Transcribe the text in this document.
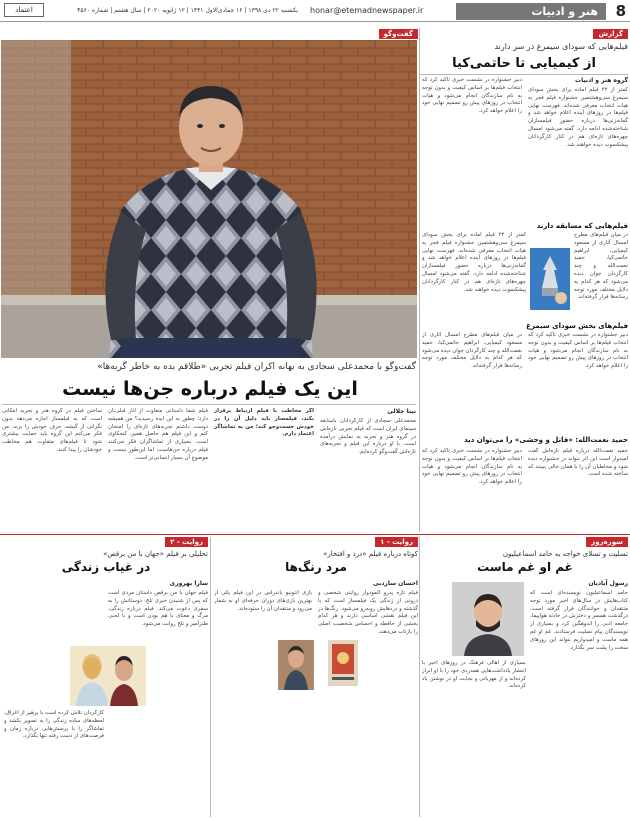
8
هنر و ادبیات
honar@etemadnewspaper.ir
یکشنبه ۲۲ دی ۱۳۹۸ | ۱۶ جمادی‌الاول ۱۴۴۱ | ۱۲ ژانویه ۲۰۲۰ | سال هشتم | شماره ۴۵۶۰
اعتماد
گفت‌وگو
گفت‌وگو با محمدعلی سجادی به بهانه اکران فیلم تجربی «طلاقم بده به خاطر گربه‌ها»
این یک فیلم درباره جن‌ها نیست
نینا جلالی
محمدعلی سجادی از کارگردانان باسابقه سینمای ایران است که فیلم تجربی تازه‌اش در گروه هنر و تجربه به نمایش درآمده است. با او درباره این فیلم و تجربه‌های تازه‌اش گفت‌وگو کرده‌ایم.
اگر مخاطب با فیلم ارتباط برقرار نکند، فیلمساز باید دلیل آن را در خودش جست‌وجو کند؛ من به تماشاگر اعتماد دارم.
فیلم شما داستانی متفاوت از آثار قبلی‌تان دارد؛ چطور به این ایده رسیدید؟ من همیشه دوست داشتم تجربه‌های تازه‌ای را امتحان کنم و این فیلم هم حاصل همین کنجکاوی است. بسیاری از تماشاگران فکر می‌کنند فیلم درباره جن‌هاست، اما این‌طور نیست و موضوع آن بسیار انسانی‌تر است.
ساختن فیلم در گروه هنر و تجربه امکانی است که به فیلمساز اجازه می‌دهد بدون نگرانی از گیشه، حرف خودش را بزند. من فکر می‌کنم این گروه باید حمایت بیشتری شود تا فیلم‌های متفاوت هم مخاطب خودشان را پیدا کنند.
گزارش
فیلم‌هایی که سودای سیمرغ در سر دارند
از کیمیایی تا حاتمی‌کیا
گروه هنر و ادبیات
کمتر از ۲۲ فیلم آماده برای بخش سودای سیمرغ سی‌وهشتمین جشنواره فیلم فجر به هیات انتخاب معرفی شده‌اند. فهرست نهایی فیلم‌ها در روزهای آینده اعلام خواهد شد و گمانه‌زنی‌ها درباره حضور فیلمسازان شناخته‌شده ادامه دارد. گفته می‌شود امسال چهره‌های تازه‌ای هم در کنار کارگردانان پیشکسوت دیده خواهند شد.
دبیر جشنواره در نشست خبری تاکید کرد که انتخاب فیلم‌ها بر اساس کیفیت و بدون توجه به نام سازندگان انجام می‌شود و هیات انتخاب در روزهای پیش رو تصمیم نهایی خود را اعلام خواهد کرد.
فیلم‌هایی که مسابقه دارند
در میان فیلم‌های مطرح امسال آثاری از مسعود کیمیایی، ابراهیم حاتمی‌کیا، حمید نعمت‌الله و چند کارگردان جوان دیده می‌شود که هر کدام به دلایل مختلف مورد توجه رسانه‌ها قرار گرفته‌اند.
کمتر از ۲۲ فیلم آماده برای بخش سودای سیمرغ سی‌وهشتمین جشنواره فیلم فجر به هیات انتخاب معرفی شده‌اند. فهرست نهایی فیلم‌ها در روزهای آینده اعلام خواهد شد و گمانه‌زنی‌ها درباره حضور فیلمسازان شناخته‌شده ادامه دارد. گفته می‌شود امسال چهره‌های تازه‌ای هم در کنار کارگردانان پیشکسوت دیده خواهند شد.
فیلم‌های بخش سودای سیمرغ
دبیر جشنواره در نشست خبری تاکید کرد که انتخاب فیلم‌ها بر اساس کیفیت و بدون توجه به نام سازندگان انجام می‌شود و هیات انتخاب در روزهای پیش رو تصمیم نهایی خود را اعلام خواهد کرد.
در میان فیلم‌های مطرح امسال آثاری از مسعود کیمیایی، ابراهیم حاتمی‌کیا، حمید نعمت‌الله و چند کارگردان جوان دیده می‌شود که هر کدام به دلایل مختلف مورد توجه رسانه‌ها قرار گرفته‌اند.
حمید نعمت‌الله: «قاتل و وحشی» را می‌توان دید
حمید نعمت‌الله درباره فیلم تازه‌اش گفت امیدوار است این اثر بتواند در جشنواره دیده شود و مخاطبان آن را با همان حالی ببینند که ساخته شده است.
دبیر جشنواره در نشست خبری تاکید کرد که انتخاب فیلم‌ها بر اساس کیفیت و بدون توجه به نام سازندگان انجام می‌شود و هیات انتخاب در روزهای پیش رو تصمیم نهایی خود را اعلام خواهد کرد.
سوره‌روز
تسلیت و تسلای خواجه به حامد اسماعیلیون
غم او غم ماست
رسول آبادیان
حامد اسماعیلیون نویسنده‌ای است که کتاب‌هایش در سال‌های اخیر مورد توجه منتقدان و خوانندگان قرار گرفته است. درگذشت همسر و دخترش در حادثه هواپیما، جامعه ادبی را اندوهگین کرد و بسیاری از نویسندگان پیام تسلیت فرستادند. غم او غم همه ماست و امیدواریم بتواند این روزهای سخت را پشت سر بگذارد.
بسیاری از اهالی فرهنگ در روزهای اخیر با انتشار یادداشت‌هایی همدردی خود را با او ابراز کرده‌اند و از مهربانی و نجابت او در نوشتن یاد کرده‌اند.
روایت - ۱
کوتاه درباره فیلم «درد و افتخار»
مرد رنگ‌ها
احسان ساردبی
فیلم تازه پدرو آلمودوار روایتی شخصی و درونی از زندگی یک فیلمساز است که با گذشته و دردهایش روبه‌رو می‌شود. رنگ‌ها در این فیلم نقشی اساسی دارند و هر کدام بخشی از حافظه و احساس شخصیت اصلی را بازتاب می‌دهند.
بازی آنتونیو باندراس در این فیلم یکی از بهترین بازی‌های دوران حرفه‌ای او به شمار می‌رود و منتقدان آن را ستوده‌اند.
روایت - ۲
تحلیلی بر فیلم «جهان با من برقص»
در غیاب زندگی
سارا بهروزی
فیلم جهان با من برقص داستان مردی است که پس از شنیدن خبری تلخ، دوستانش را به سفری دعوت می‌کند. فیلم درباره زندگی، مرگ و معنای با هم بودن است و با لحنی طنزآمیز و تلخ روایت می‌شود.
کارگردان تلاش کرده است با پرهیز از اغراق، لحظه‌های ساده زندگی را به تصویر بکشد و تماشاگر را با پرسش‌هایی درباره زمان و فرصت‌های از دست رفته تنها بگذارد.
